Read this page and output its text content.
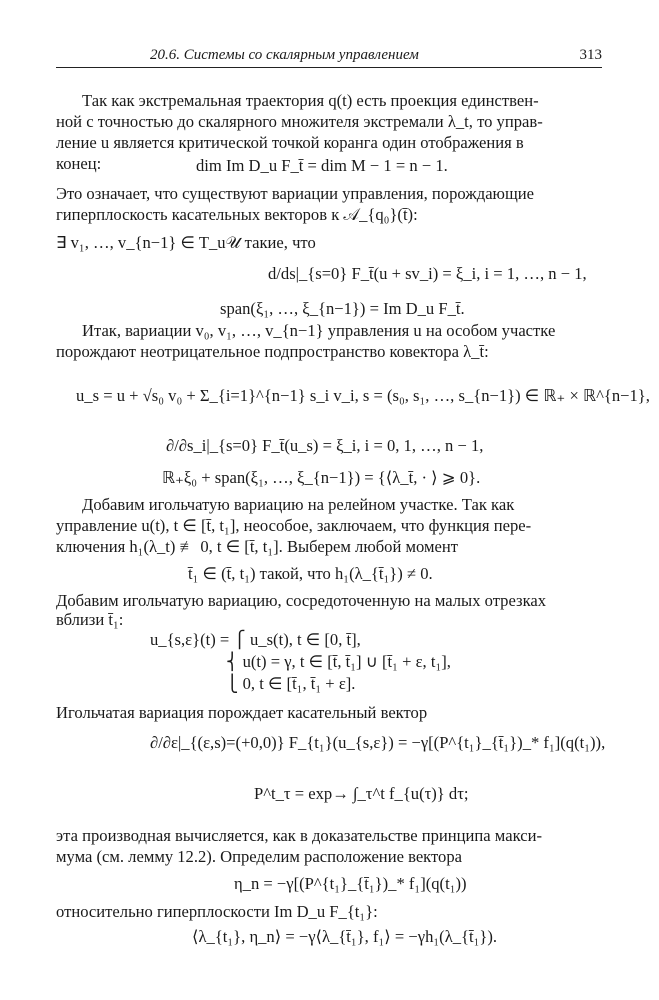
20.6. Системы со скалярным управлением	313
Так как экстремальная траектория q(t) есть проекция единствен-
ной с точностью до скалярного множителя экстремали λ_t, то управ-
ление u является критической точкой коранга один отображения в
конец:	dim Im D_u F_t̄ = dim M − 1 = n − 1.
Это означает, что существуют вариации управления, порождающие
гиперплоскость касательных векторов к 𝒜_{q₀}(t̄):
∃ v₁, …, v_{n−1} ∈ T_u𝒰 такие, что
d/ds|_{s=0} F_t̄(u + sv_i) = ξ_i, i = 1, …, n − 1,
span(ξ₁, …, ξ_{n−1}) = Im D_u F_t̄.
Итак, вариации v₀, v₁, …, v_{n−1} управления u на особом участке
порождают неотрицательное подпространство ковектора λ_t̄:
u_s = u + √s₀ v₀ + Σ_{i=1}^{n−1} s_i v_i, s = (s₀, s₁, …, s_{n−1}) ∈ ℝ₊ × ℝ^{n−1},
∂/∂s_i|_{s=0} F_t̄(u_s) = ξ_i, i = 0, 1, …, n − 1,
ℝ₊ξ₀ + span(ξ₁, …, ξ_{n−1}) = {⟨λ_t̄, · ⟩ ⩾ 0}.
Добавим игольчатую вариацию на релейном участке. Так как
управление u(t), t ∈ [t̄, t₁], неособое, заключаем, что функция пере-
ключения h₁(λ_t) ≢ 0, t ∈ [t̄, t₁]. Выберем любой момент
t̄₁ ∈ (t̄, t₁) такой, что h₁(λ_{t̄₁}) ≠ 0.
Добавим игольчатую вариацию, сосредоточенную на малых отрезках
вблизи t̄₁:
u_{s,ε}(t) = ⎧ u_s(t), t ∈ [0, t̄],
⎨ u(t) = γ, t ∈ [t̄, t̄₁] ∪ [t̄₁ + ε, t₁],
⎩ 0, t ∈ [t̄₁, t̄₁ + ε].
Игольчатая вариация порождает касательный вектор
∂/∂ε|_{(ε,s)=(+0,0)} F_{t₁}(u_{s,ε}) = −γ[(P^{t₁}_{t̄₁})_* f₁](q(t₁)),
P^t_τ = exp→ ∫_τ^t f_{u(τ)} dτ;
эта производная вычисляется, как в доказательстве принципа макси-
мума (см. лемму 12.2). Определим расположение вектора
η_n = −γ[(P^{t₁}_{t̄₁})_* f₁](q(t₁))
относительно гиперплоскости Im D_u F_{t₁}:
⟨λ_{t₁}, η_n⟩ = −γ⟨λ_{t̄₁}, f₁⟩ = −γh₁(λ_{t̄₁}).
